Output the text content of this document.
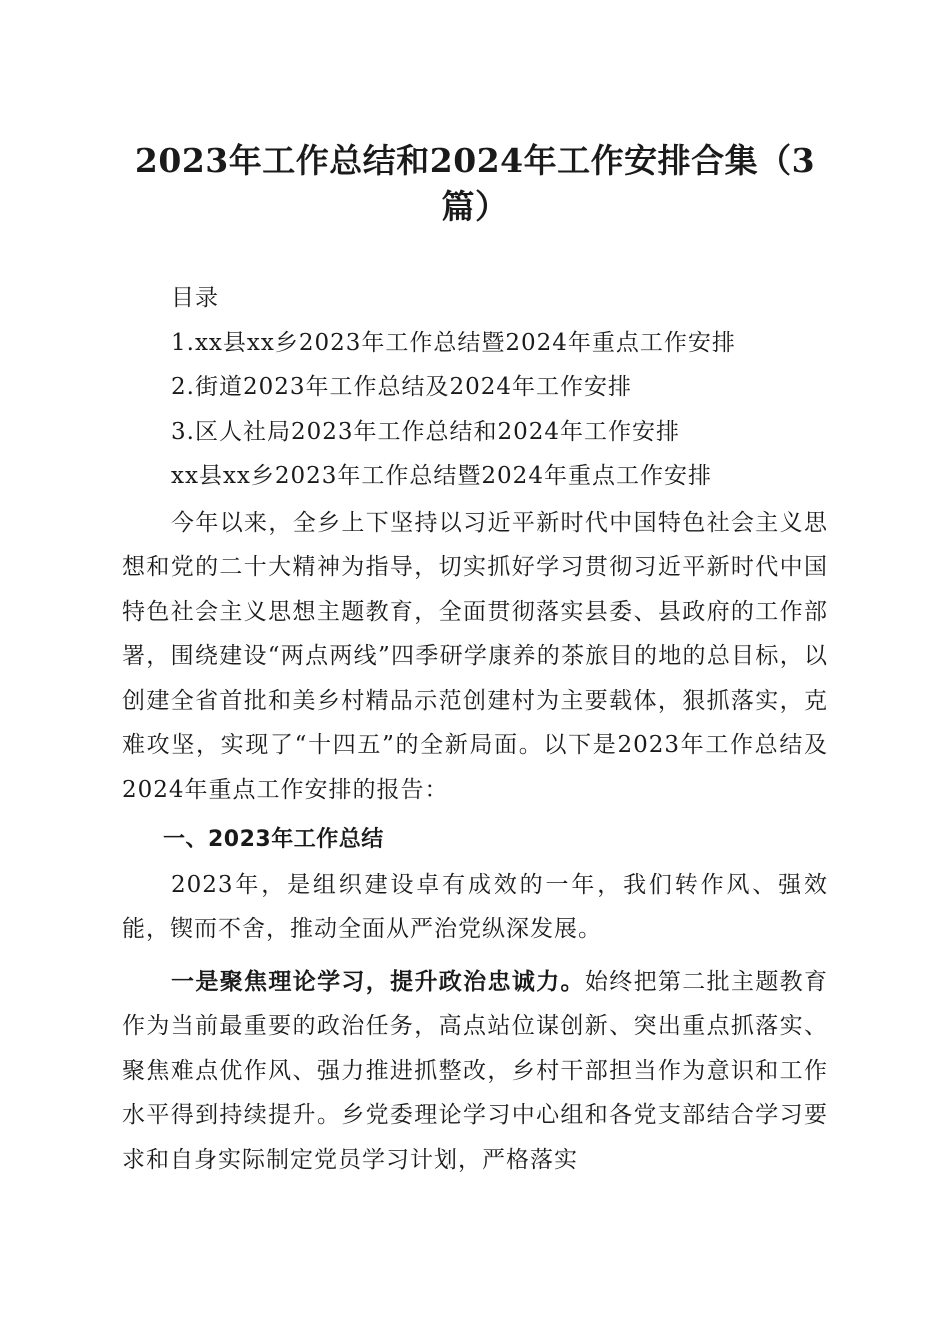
2023年工作总结和2024年工作安排合集（3篇）
目录
1.xx县xx乡2023年工作总结暨2024年重点工作安排
2.街道2023年工作总结及2024年工作安排
3.区人社局2023年工作总结和2024年工作安排
xx县xx乡2023年工作总结暨2024年重点工作安排

今年以来，全乡上下坚持以习近平新时代中国特色社会主义思想和党的二十大精神为指导，切实抓好学习贯彻习近平新时代中国特色社会主义思想主题教育，全面贯彻落实县委、县政府的工作部署，围绕建设“两点两线”四季研学康养的茶旅目的地的总目标，以创建全省首批和美乡村精品示范创建村为主要载体，狠抓落实，克难攻坚，实现了“十四五”的全新局面。以下是2023年工作总结及2024年重点工作安排的报告：

一、2023年工作总结

2023年，是组织建设卓有成效的一年，我们转作风、强效能，锲而不舍，推动全面从严治党纵深发展。

一是聚焦理论学习，提升政治忠诚力。始终把第二批主题教育作为当前最重要的政治任务，高点站位谋创新、突出重点抓落实、聚焦难点优作风、强力推进抓整改，乡村干部担当作为意识和工作水平得到持续提升。乡党委理论学习中心组和各党支部结合学习要求和自身实际制定党员学习计划，严格落实
